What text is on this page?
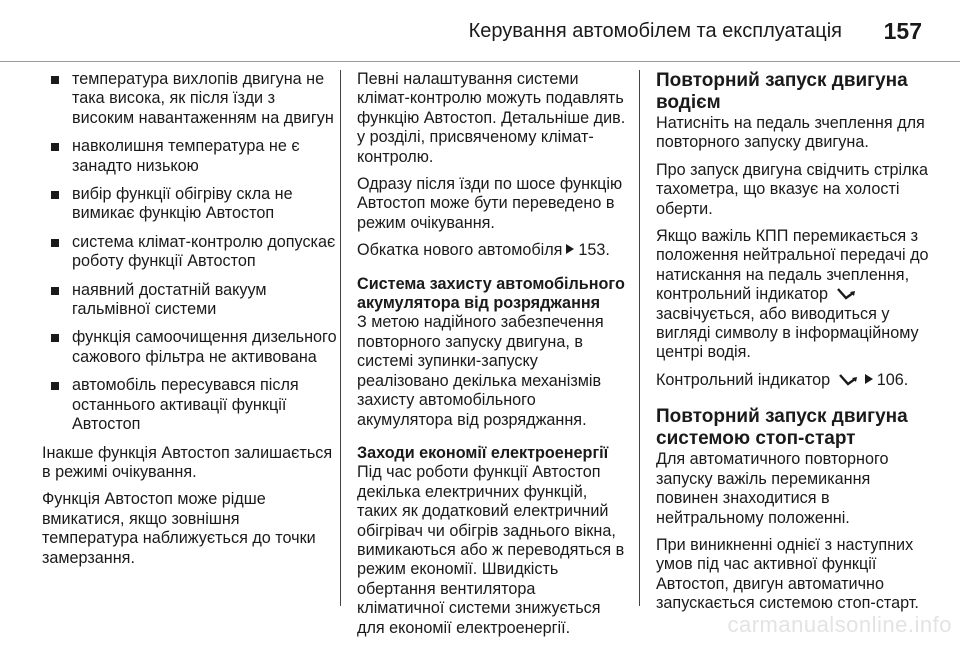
Керування автомобілем та експлуатація 157
температура вихлопів двигуна не така висока, як після їзди з високим навантаженням на двигун
навколишня температура не є занадто низькою
вибір функції обігріву скла не вимикає функцію Автостоп
система клімат-контролю допускає роботу функції Автостоп
наявний достатній вакуум гальмівної системи
функція самоочищення дизельного сажового фільтра не активована
автомобіль пересувався після останнього активації функції Автостоп

Інакше функція Автостоп залишається в режимі очікування.

Функція Автостоп може рідше вмикатися, якщо зовнішня температура наближується до точки замерзання.

Певні налаштування системи клімат-контролю можуть подавлять функцію Автостоп. Детальніше див. у розділі, присвяченому клімат-контролю.

Одразу після їзди по шосе функцію Автостоп може бути переведено в режим очікування.

Обкатка нового автомобіля 153.

Система захисту автомобільного акумулятора від розряджання

З метою надійного забезпечення повторного запуску двигуна, в системі зупинки-запуску реалізовано декілька механізмів захисту автомобільного акумулятора від розряджання.

Заходи економії електроенергії

Під час роботи функції Автостоп декілька електричних функцій, таких як додатковий електричний обігрівач чи обігрів заднього вікна, вимикаються або ж переводяться в режим економії. Швидкість обертання вентилятора кліматичної системи знижується для економії електроенергії.

Повторний запуск двигуна водієм

Натисніть на педаль зчеплення для повторного запуску двигуна.

Про запуск двигуна свідчить стрілка тахометра, що вказує на холості оберти.

Якщо важіль КПП перемикається з положення нейтральної передачі до натискання на педаль зчеплення, контрольний індикатор  засвічується, або виводиться у вигляді символу в інформаційному центрі водія.

Контрольний індикатор	106.

Повторний запуск двигуна системою стоп-старт

Для автоматичного повторного запуску важіль перемикання повинен знаходитися в нейтральному положенні.

При виникненні однієї з наступних умов під час активної функції Автостоп, двигун автоматично запускається системою стоп-старт.

carmanualsonline.info
